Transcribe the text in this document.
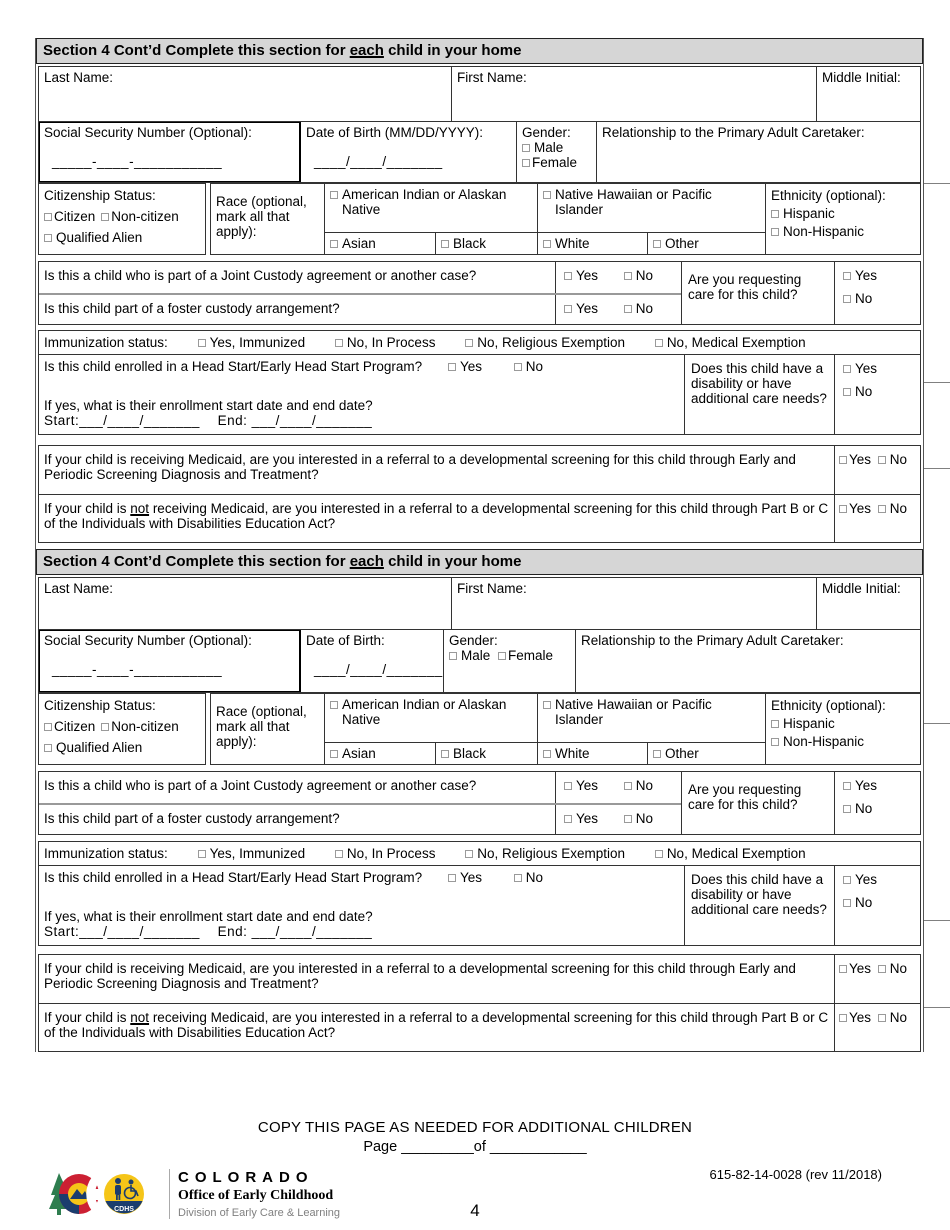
Section 4 Cont’d Complete this section for each child in your home
Last Name:	First Name:	Middle Initial:
Social Security Number (Optional):
_____-____-___________
Date of Birth (MM/DD/YYYY):
____/____/_______
Gender:
Male
Female
Relationship to the Primary Adult Caretaker:
Citizenship Status:
Citizen	Non-citizen
Qualified Alien
Race (optional, mark all that apply):
American Indian or Alaskan Native
Native Hawaiian or Pacific Islander
Asian	Black	White	Other
Ethnicity (optional):
Hispanic
Non-Hispanic
Is this a child who is part of a Joint Custody agreement or another case?	Yes	No
Is this child part of a foster custody arrangement?	Yes	No
Are you requesting care for this child?
Yes
No
Immunization status:	Yes, Immunized	No, In Process	No, Religious Exemption	No, Medical Exemption
Is this child enrolled in a Head Start/Early Head Start Program?	Yes	No
If yes, what is their enrollment start date and end date?
Start:___/____/_______ End: ___/____/_______
Does this child have a disability or have additional care needs?
Yes
No
If your child is receiving Medicaid, are you interested in a referral to a developmental screening for this child through Early and Periodic Screening Diagnosis and Treatment?
Yes No
If your child is not receiving Medicaid, are you interested in a referral to a developmental screening for this child through Part B or C of the Individuals with Disabilities Education Act?
Yes No
Section 4 Cont’d Complete this section for each child in your home
Last Name:	First Name:	Middle Initial:
Social Security Number (Optional):
_____-____-___________
Date of Birth:
____/____/_______
Gender:
Male Female
Relationship to the Primary Adult Caretaker:
Citizenship Status:
Citizen	Non-citizen
Qualified Alien
Race (optional, mark all that apply):
American Indian or Alaskan Native
Native Hawaiian or Pacific Islander
Asian	Black	White	Other
Ethnicity (optional):
Hispanic
Non-Hispanic
Is this a child who is part of a Joint Custody agreement or another case?	Yes	No
Is this child part of a foster custody arrangement?	Yes	No
Are you requesting care for this child?
Yes
No
Immunization status:	Yes, Immunized	No, In Process	No, Religious Exemption	No, Medical Exemption
Is this child enrolled in a Head Start/Early Head Start Program?	Yes	No
If yes, what is their enrollment start date and end date?
Start:___/____/_______ End: ___/____/_______
Does this child have a disability or have additional care needs?
Yes
No
If your child is receiving Medicaid, are you interested in a referral to a developmental screening for this child through Early and Periodic Screening Diagnosis and Treatment?
Yes No
If your child is not receiving Medicaid, are you interested in a referral to a developmental screening for this child through Part B or C of the Individuals with Disabilities Education Act?
Yes No
COPY THIS PAGE AS NEEDED FOR ADDITIONAL CHILDREN
Page _________of ____________
CDHS
COLORADO
Office of Early Childhood
Division of Early Care & Learning
615-82-14-0028 (rev 11/2018)
4
